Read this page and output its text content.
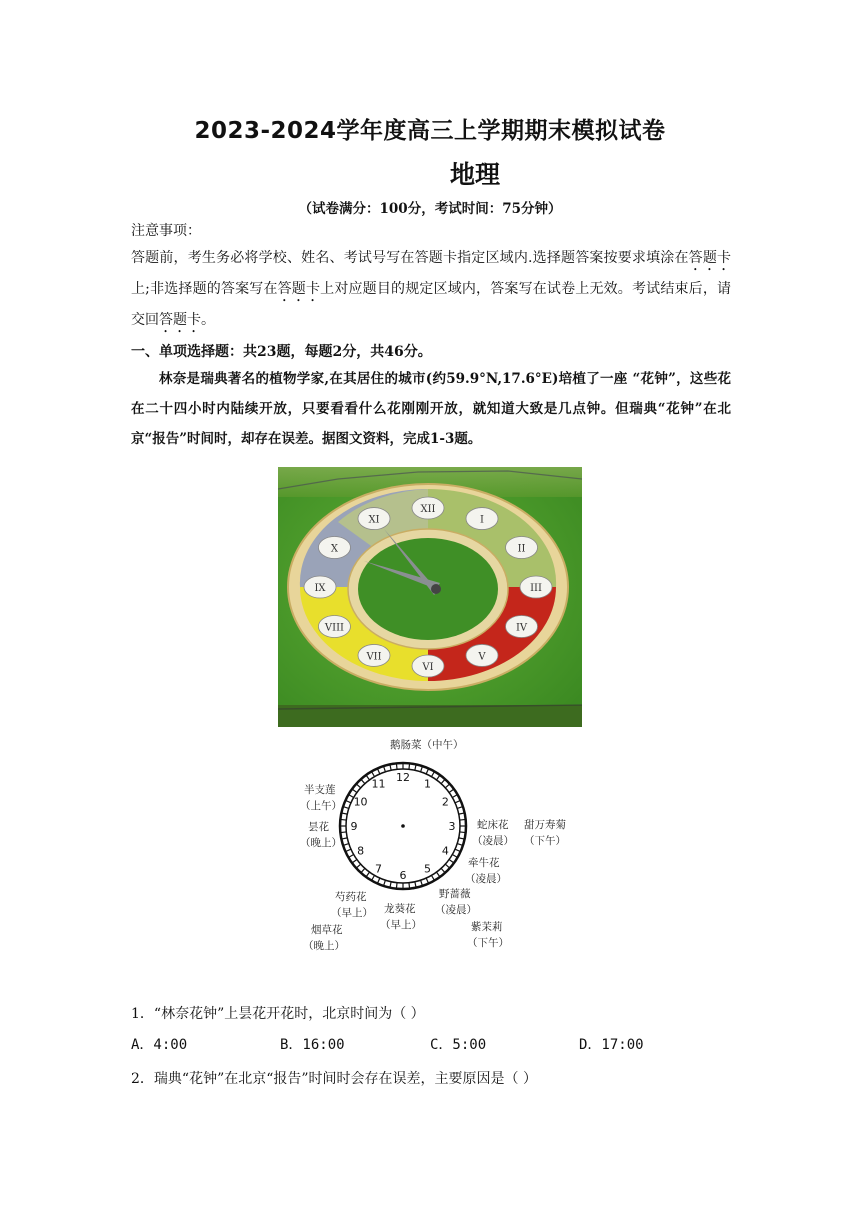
2023-2024学年度高三上学期期末模拟试卷
地理
（试卷满分：100分，考试时间：75分钟）
注意事项：
答题前，考生务必将学校、姓名、考试号写在答题卡指定区域内.选择题答案按要求填涂在答题卡上;非选择题的答案写在答题卡上对应题目的规定区域内，答案写在试卷上无效。考试结束后，请交回答题卡。
一、单项选择题：共23题，每题2分，共46分。
林奈是瑞典著名的植物学家,在其居住的城市(约59.9°N,17.6°E)培植了一座 “花钟”，这些花在二十四小时内陆续开放，只要看看什么花刚刚开放，就知道大致是几点钟。但瑞典“花钟”在北京“报告”时间时，却存在误差。据图文资料，完成1-3题。
XII
I
II
III
IV
V
VI
VII
VIII
IX
X
XI
12
1
2
3
4
5
6
7
8
9
10
11
鹅肠菜（中午）
半支莲
（上午）
昙花
（晚上）
蛇床花
（凌晨）
甜万寿菊
（下午）
牵牛花
（凌晨）
芍药花
（早上） 龙葵花
（早上）
野蔷薇
（凌晨）
烟草花
（晚上）
紫茉莉
（下午）
1．“林奈花钟”上昙花开花时，北京时间为（ ）
A．4:00	B．16:00	C．5:00	D．17:00
2．瑞典“花钟”在北京“报告”时间时会存在误差，主要原因是（ ）
